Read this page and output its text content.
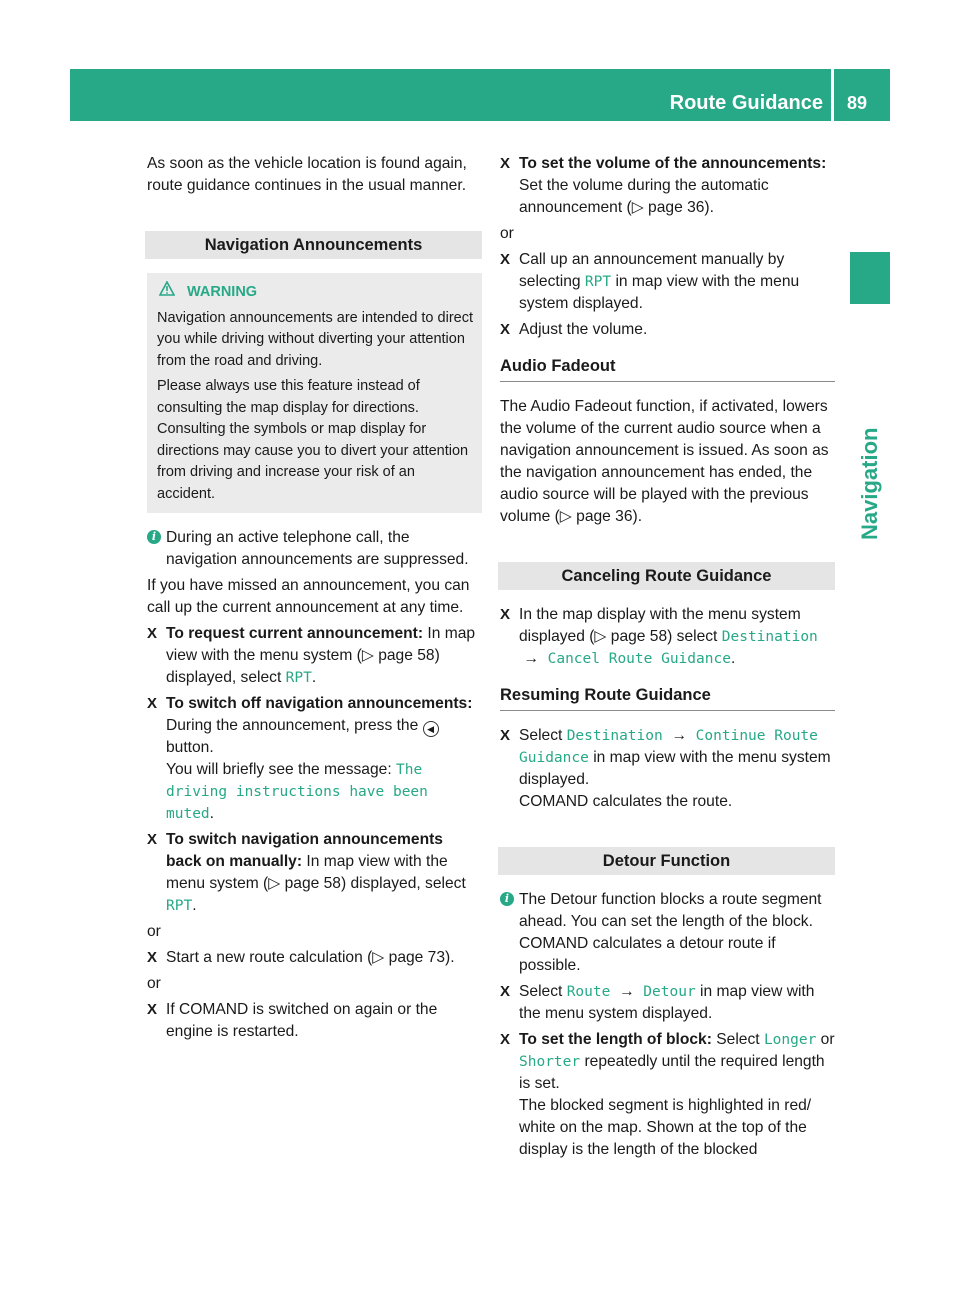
Route Guidance 89
Navigation

As soon as the vehicle location is found again, route guidance continues in the usual manner.

Navigation Announcements
WARNING

Navigation announcements are intended to direct you while driving without diverting your attention from the road and driving.

Please always use this feature instead of consulting the map display for directions. Consulting the symbols or map display for directions may cause you to divert your attention from driving and increase your risk of an accident.

i During an active telephone call, the navigation announcements are suppressed.

If you have missed an announcement, you can call up the current announcement at any time.

X To request current announcement: In map view with the menu system (▷ page 58) displayed, select RPT.
X To switch off navigation announcements: During the announcement, press the ◀ button.
You will briefly see the message: The driving instructions have been muted.
X To switch navigation announcements back on manually: In map view with the menu system (▷ page 58) displayed, select RPT.

or

X Start a new route calculation (▷ page 73).

or

X If COMAND is switched on again or the engine is restarted.
X To set the volume of the announcements: Set the volume during the automatic announcement (▷ page 36).

or

X Call up an announcement manually by selecting RPT in map view with the menu system displayed.
X Adjust the volume.
Audio Fadeout

The Audio Fadeout function, if activated, lowers the volume of the current audio source when a navigation announcement is issued. As soon as the navigation announcement has ended, the audio source will be played with the previous volume (▷ page 36).

Canceling Route Guidance
X In the map display with the menu system displayed (▷ page 58) select Destination
→  Cancel Route Guidance.
Resuming Route Guidance
X Select Destination  →  Continue Route Guidance in map view with the menu system displayed.
COMAND calculates the route.
Detour Function
i The Detour function blocks a route segment ahead. You can set the length of the block. COMAND calculates a detour route if possible.
X Select Route  →  Detour in map view with the menu system displayed.
X To set the length of block: Select Longer or Shorter repeatedly until the required length is set.
The blocked segment is highlighted in red/ white on the map. Shown at the top of the display is the length of the blocked
